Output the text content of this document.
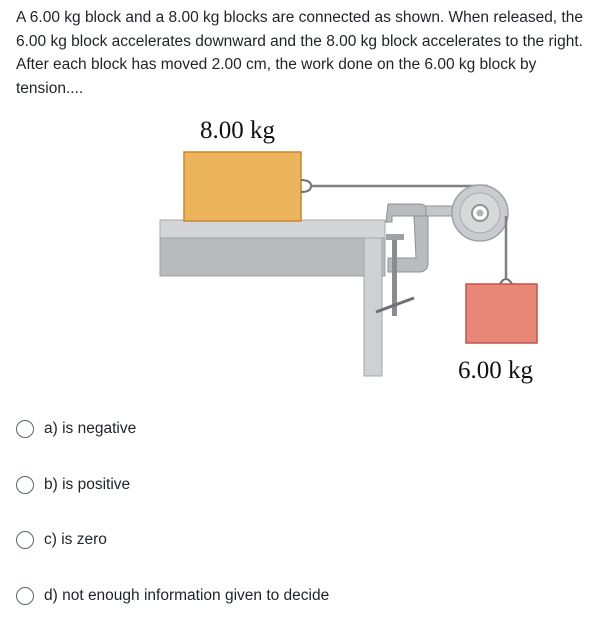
A 6.00 kg block and a 8.00 kg blocks are connected as shown. When released, the 6.00 kg block accelerates downward and the 8.00 kg block accelerates to the right. After each block has moved 2.00 cm, the work done on the 6.00 kg block by tension....

8.00 kg
6.00 kg
a) is negative
b) is positive
c) is zero
d) not enough information given to decide
